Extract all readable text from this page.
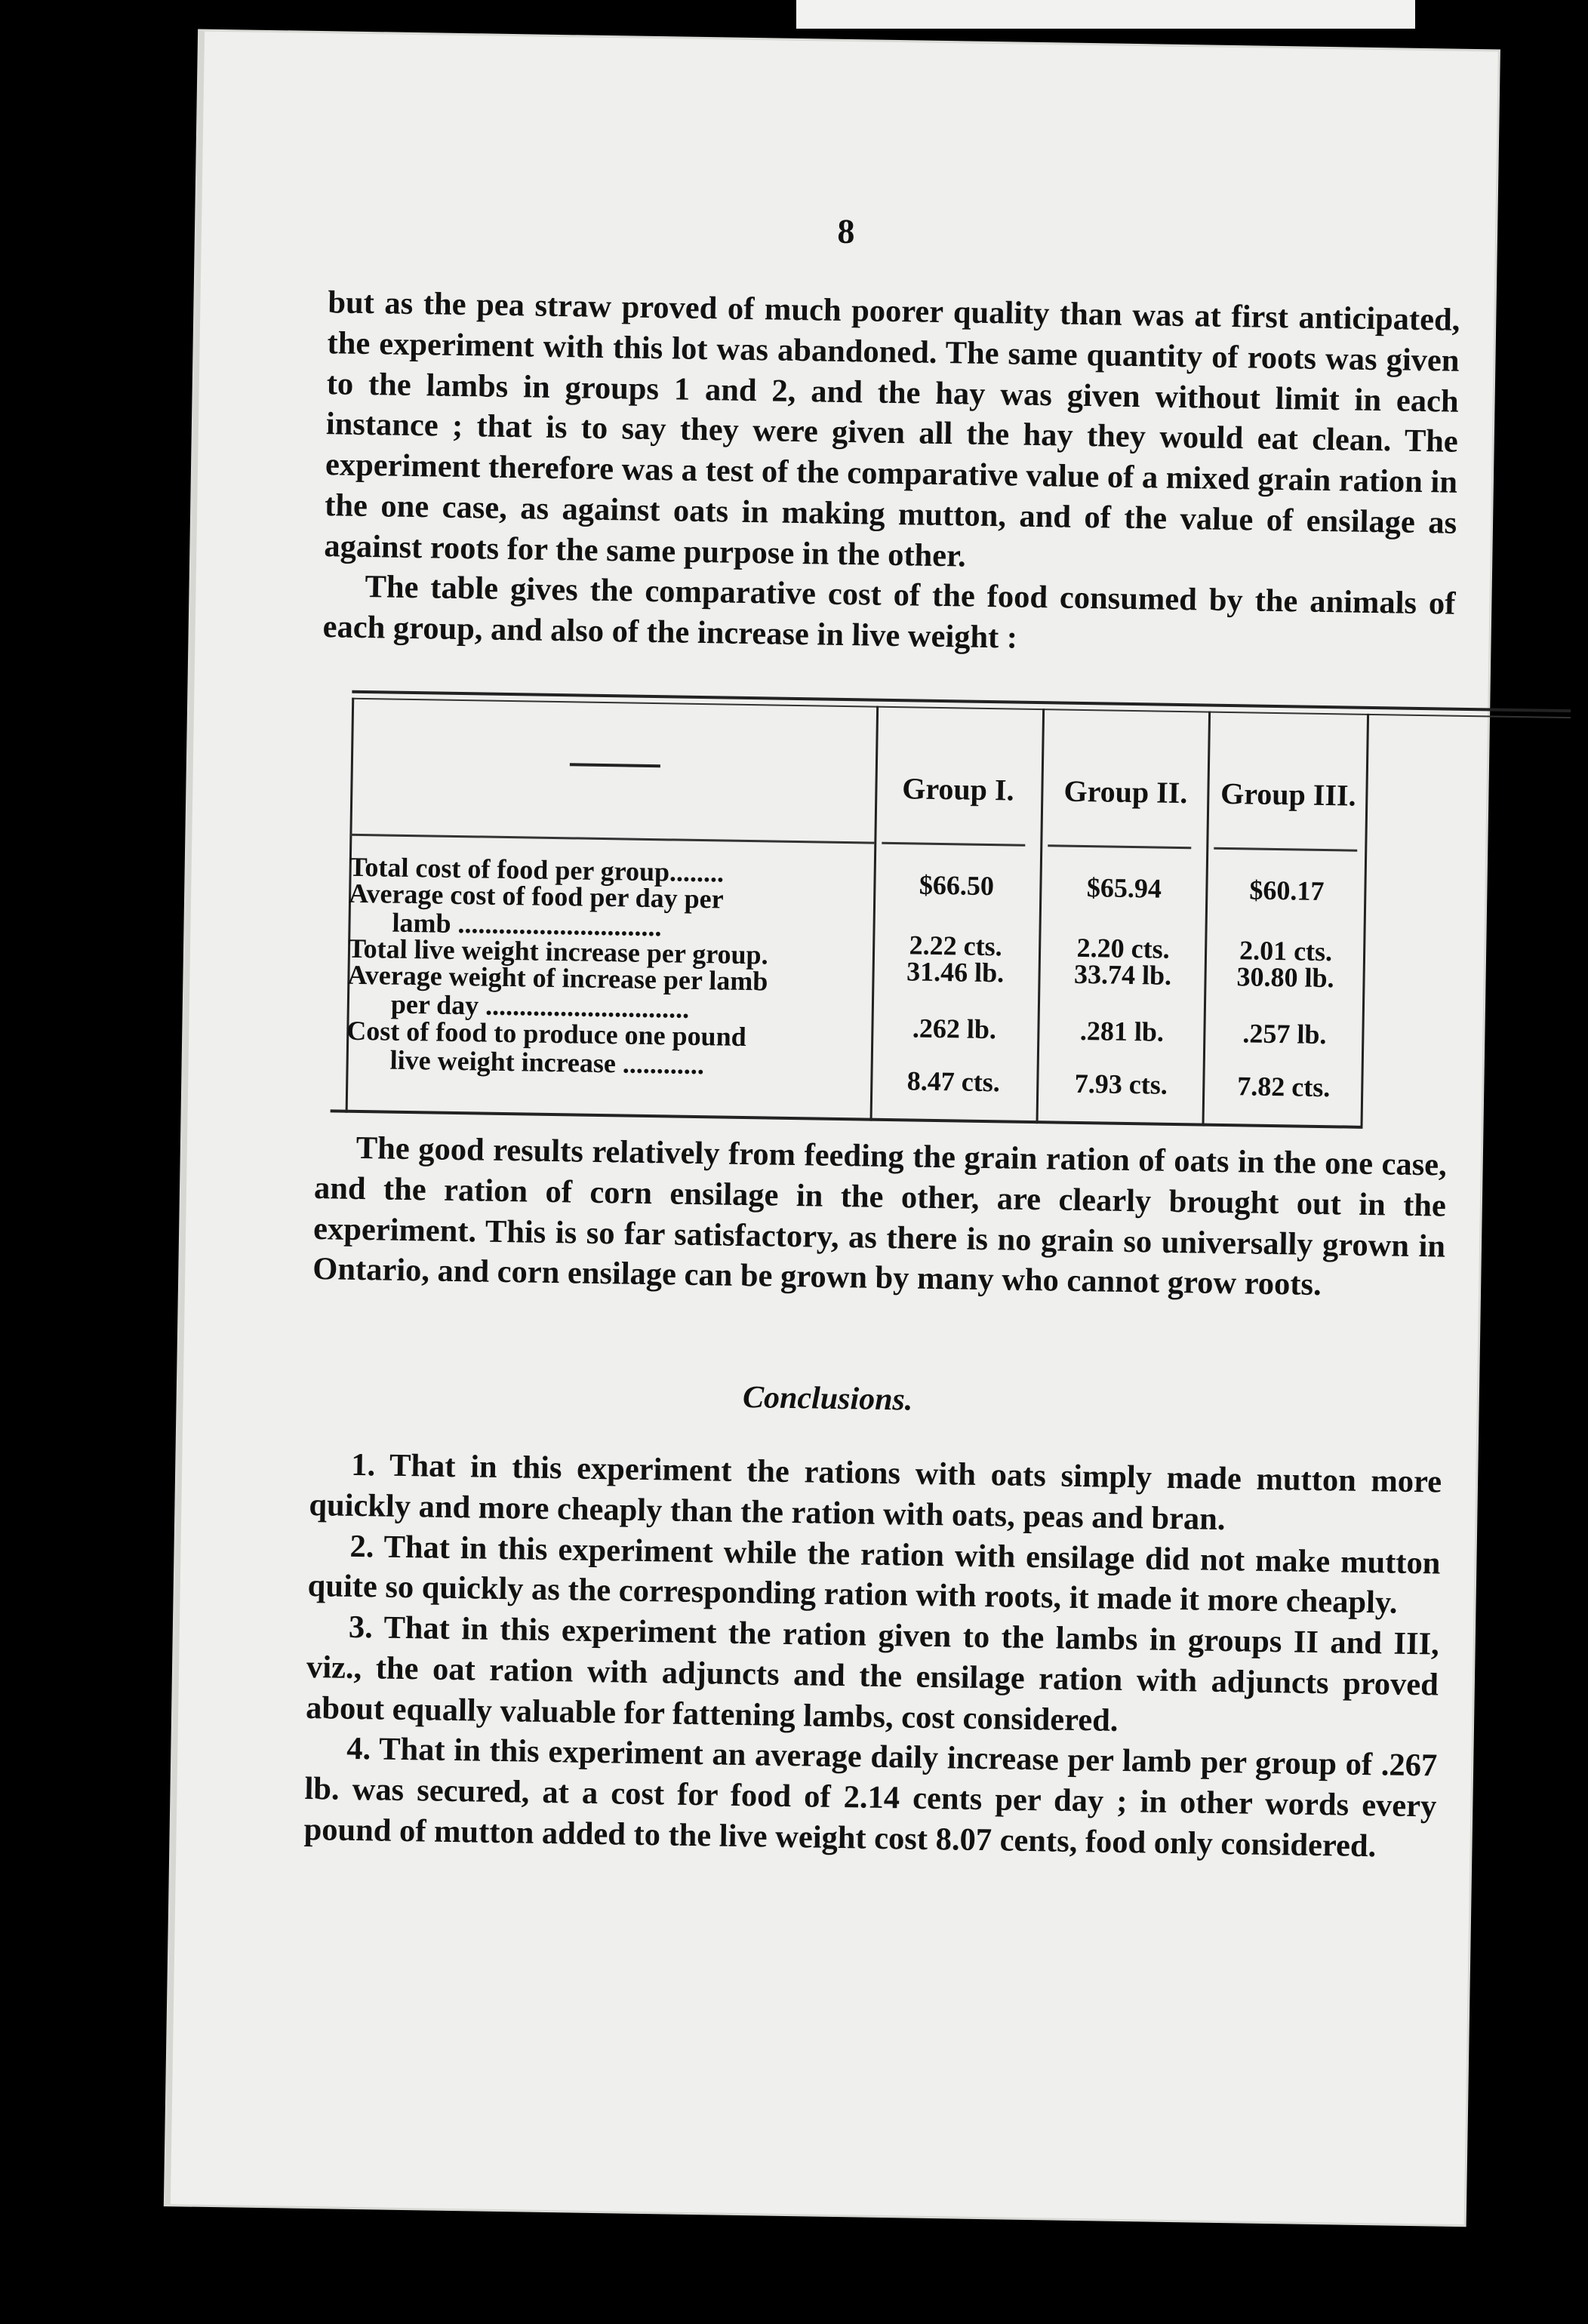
8

but as the pea straw proved of much poorer quality than was at first anticipated, the experiment with this lot was abandoned. The same quantity of roots was given to the lambs in groups 1 and 2, and the hay was given without limit in each instance ; that is to say they were given all the hay they would eat clean. The experiment therefore was a test of the comparative value of a mixed grain ration in the one case, as against oats in making mutton, and of the value of ensilage as against roots for the same purpose in the other.

The table gives the comparative cost of the food consumed by the animals of each group, and also of the increase in live weight :

Group I.	Group II.	Group III.
Total cost of food per group........
Average cost of food per day per
lamb ..............................
Total live weight increase per group.
Average weight of increase per lamb
per day ..............................
Cost of food to produce one pound
live weight increase ............
$66.50
2.22 cts.
31.46 lb.
.262 lb.
8.47 cts.
$65.94
2.20 cts.
33.74 lb.
.281 lb.
7.93 cts.
$60.17
2.01 cts.
30.80 lb.
.257 lb.
7.82 cts.

The good results relatively from feeding the grain ration of oats in the one case, and the ration of corn ensilage in the other, are clearly brought out in the experiment. This is so far satisfactory, as there is no grain so universally grown in Ontario, and corn ensilage can be grown by many who cannot grow roots.

Conclusions.

1. That in this experiment the rations with oats simply made mutton more quickly and more cheaply than the ration with oats, peas and bran.

2. That in this experiment while the ration with ensilage did not make mutton quite so quickly as the corresponding ration with roots, it made it more cheaply.

3. That in this experiment the ration given to the lambs in groups II and III, viz., the oat ration with adjuncts and the ensilage ration with adjuncts proved about equally valuable for fattening lambs, cost considered.

4. That in this experiment an average daily increase per lamb per group of .267 lb. was secured, at a cost for food of 2.14 cents per day ; in other words every pound of mutton added to the live weight cost 8.07 cents, food only considered.
